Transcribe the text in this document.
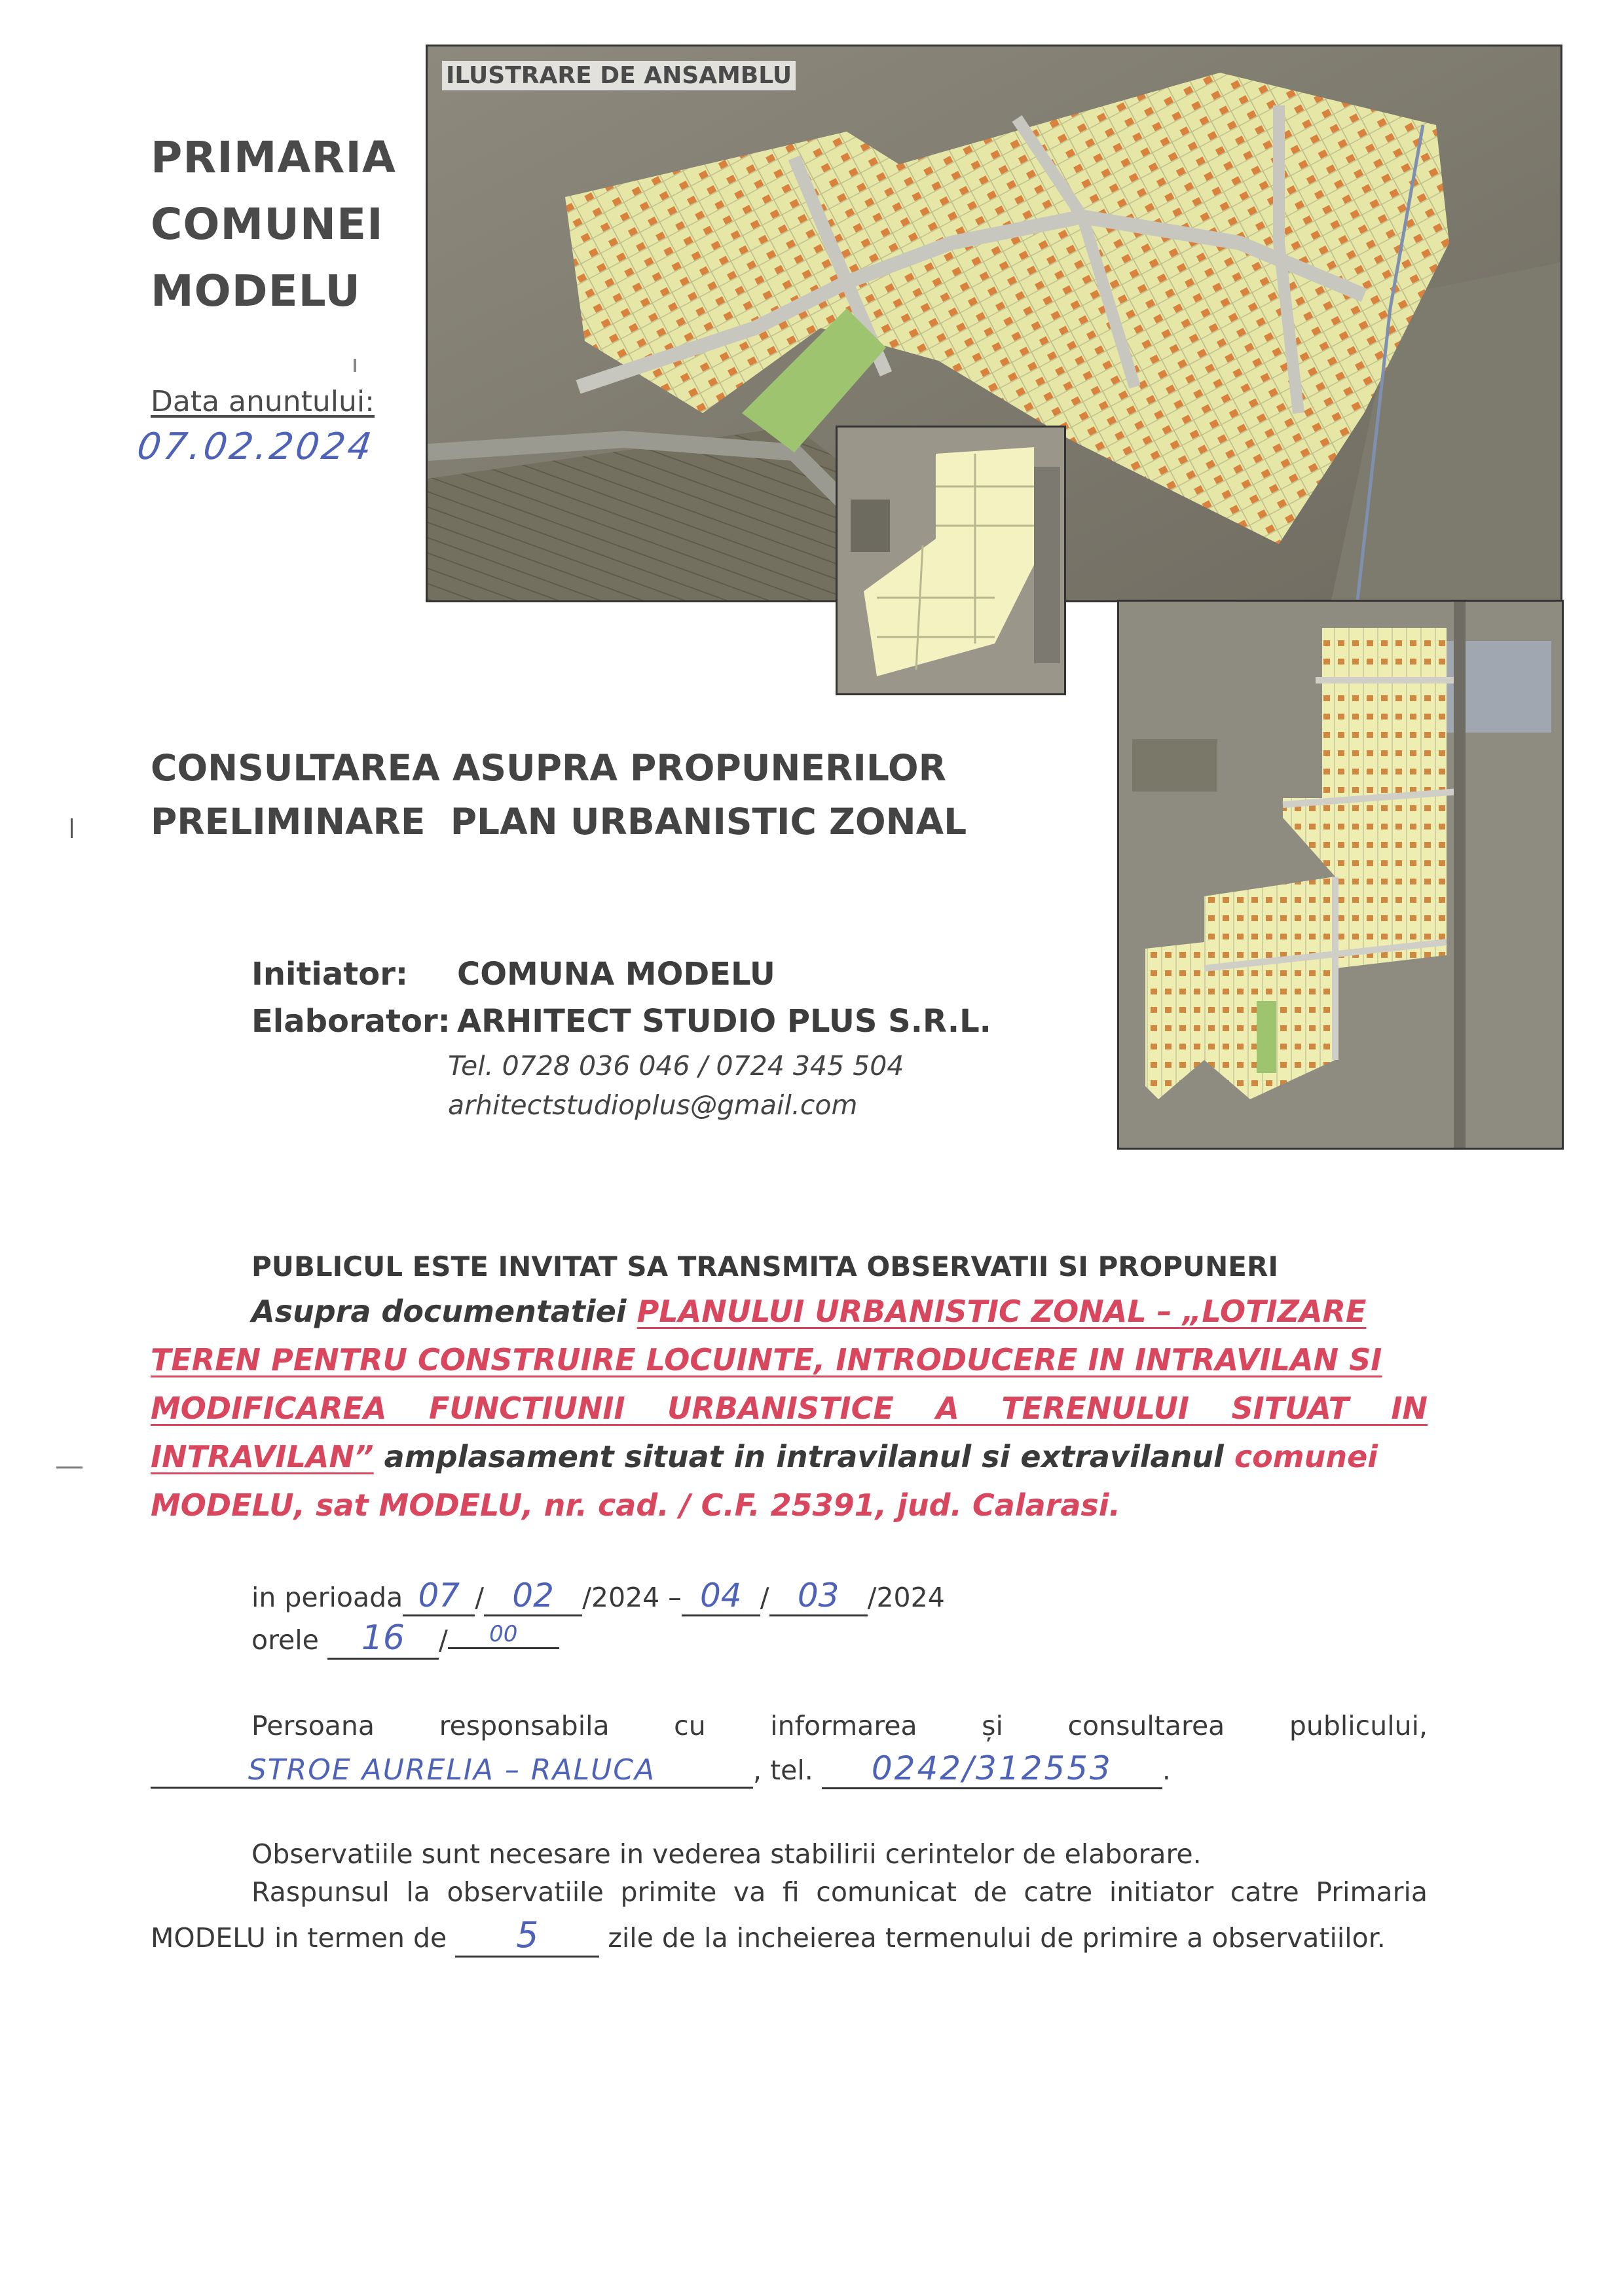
PRIMARIA
COMUNEI
MODELU
Data anuntului:
07.02.2024
ILUSTRARE DE ANSAMBLU
CONSULTAREA ASUPRA PROPUNERILOR
PRELIMINARE  PLAN URBANISTIC ZONAL
Initiator: COMUNA MODELU
Elaborator: ARHITECT STUDIO PLUS S.R.L.
Tel. 0728 036 046 / 0724 345 504
arhitectstudioplus@gmail.com
PUBLICUL ESTE INVITAT SA TRANSMITA OBSERVATII SI PROPUNERI
Asupra documentatiei PLANULUI URBANISTIC ZONAL – „LOTIZARE
TEREN PENTRU CONSTRUIRE LOCUINTE, INTRODUCERE IN INTRAVILAN SI
MODIFICAREA FUNCTIUNII URBANISTICE A TERENULUI SITUAT IN
INTRAVILAN” amplasament situat in intravilanul si extravilanul comunei
MODELU, sat MODELU, nr. cad. / C.F. 25391, jud. Calarasi.
in perioada 07 / 02 /2024 – 04 / 03 /2024
orele 16 / 00
Persoana responsabila cu informarea și consultarea publicului,
STROE AURELIA – RALUCA	, tel. 0242/312553 .
Observatiile sunt necesare in vederea stabilirii cerintelor de elaborare.
Raspunsul la observatiile primite va fi comunicat de catre initiator catre Primaria
MODELU in termen de 5	zile de la incheierea termenului de primire a observatiilor.
